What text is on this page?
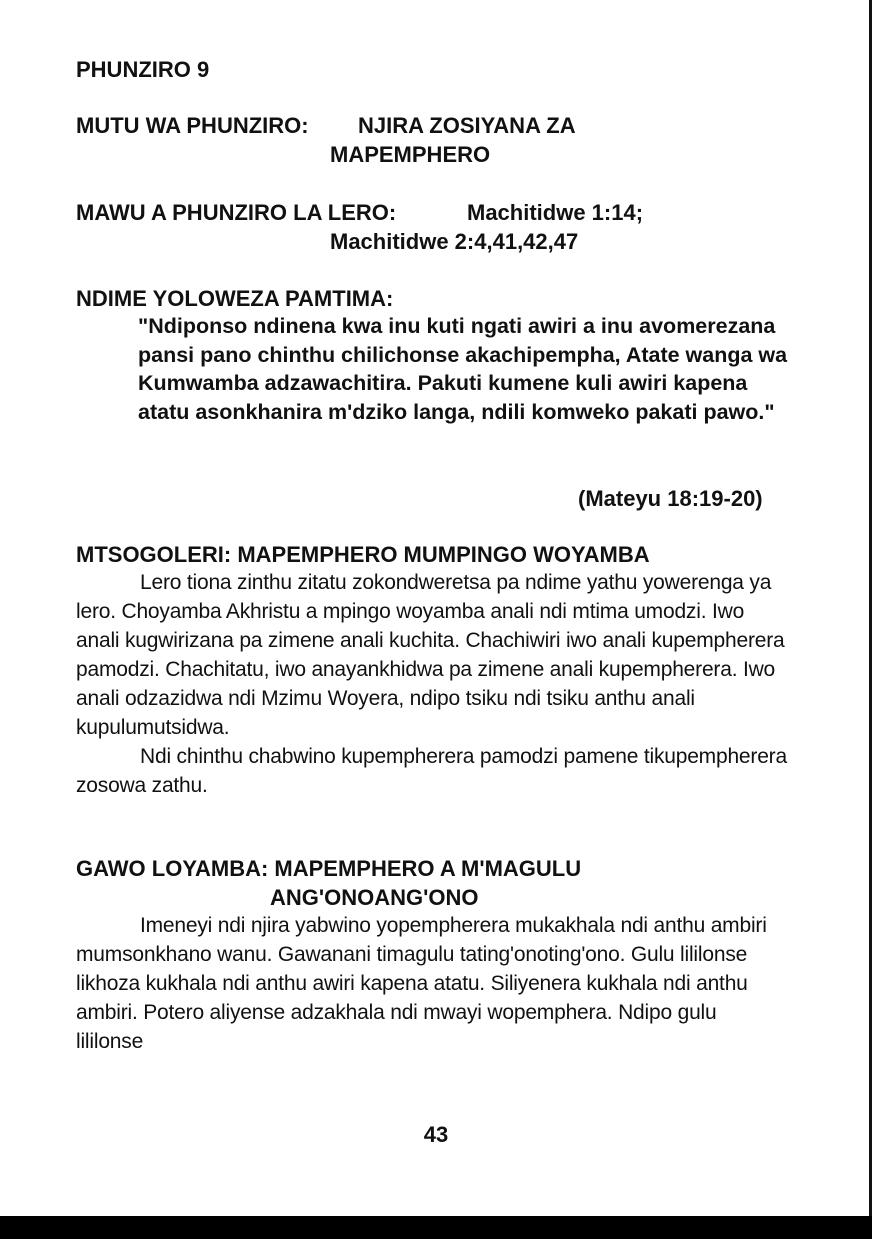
PHUNZIRO 9
MUTU WA PHUNZIRO: NJIRA ZOSIYANA ZA
MAPEMPHERO
MAWU A PHUNZIRO LA LERO:	Machitidwe 1:14;
Machitidwe 2:4,41,42,47
NDIME YOLOWEZA PAMTIMA:

"Ndiponso ndinena kwa inu kuti ngati awiri a inu avomerezana pansi pano chinthu chilichonse akachipempha, Atate wanga wa Kumwamba adzawachitira. Pakuti kumene kuli awiri kapena atatu asonkhanira m'dziko langa, ndili komweko pakati pawo."

(Mateyu 18:19-20)
MTSOGOLERI: MAPEMPHERO MUMPINGO WOYAMBA

Lero tiona zinthu zitatu zokondweretsa pa ndime yathu yowerenga ya lero. Choyamba Akhristu a mpingo woyamba anali ndi mtima umodzi. Iwo anali kugwirizana pa zimene anali kuchita. Chachiwiri iwo anali kupempherera pamodzi. Chachitatu, iwo anayankhidwa pa zimene anali kupempherera. Iwo anali odzazidwa ndi Mzimu Woyera, ndipo tsiku ndi tsiku anthu anali kupulumutsidwa.

Ndi chinthu chabwino kupempherera pamodzi pamene tikupempherera zosowa zathu.

GAWO LOYAMBA: MAPEMPHERO A M'MAGULU
ANG'ONOANG'ONO

Imeneyi ndi njira yabwino yopempherera mukakhala ndi anthu ambiri mumsonkhano wanu. Gawanani timagulu tating'onoting'ono. Gulu lililonse likhoza kukhala ndi anthu awiri kapena atatu. Siliyenera kukhala ndi anthu ambiri. Potero aliyense adzakhala ndi mwayi wopemphera. Ndipo gulu lililonse

43
